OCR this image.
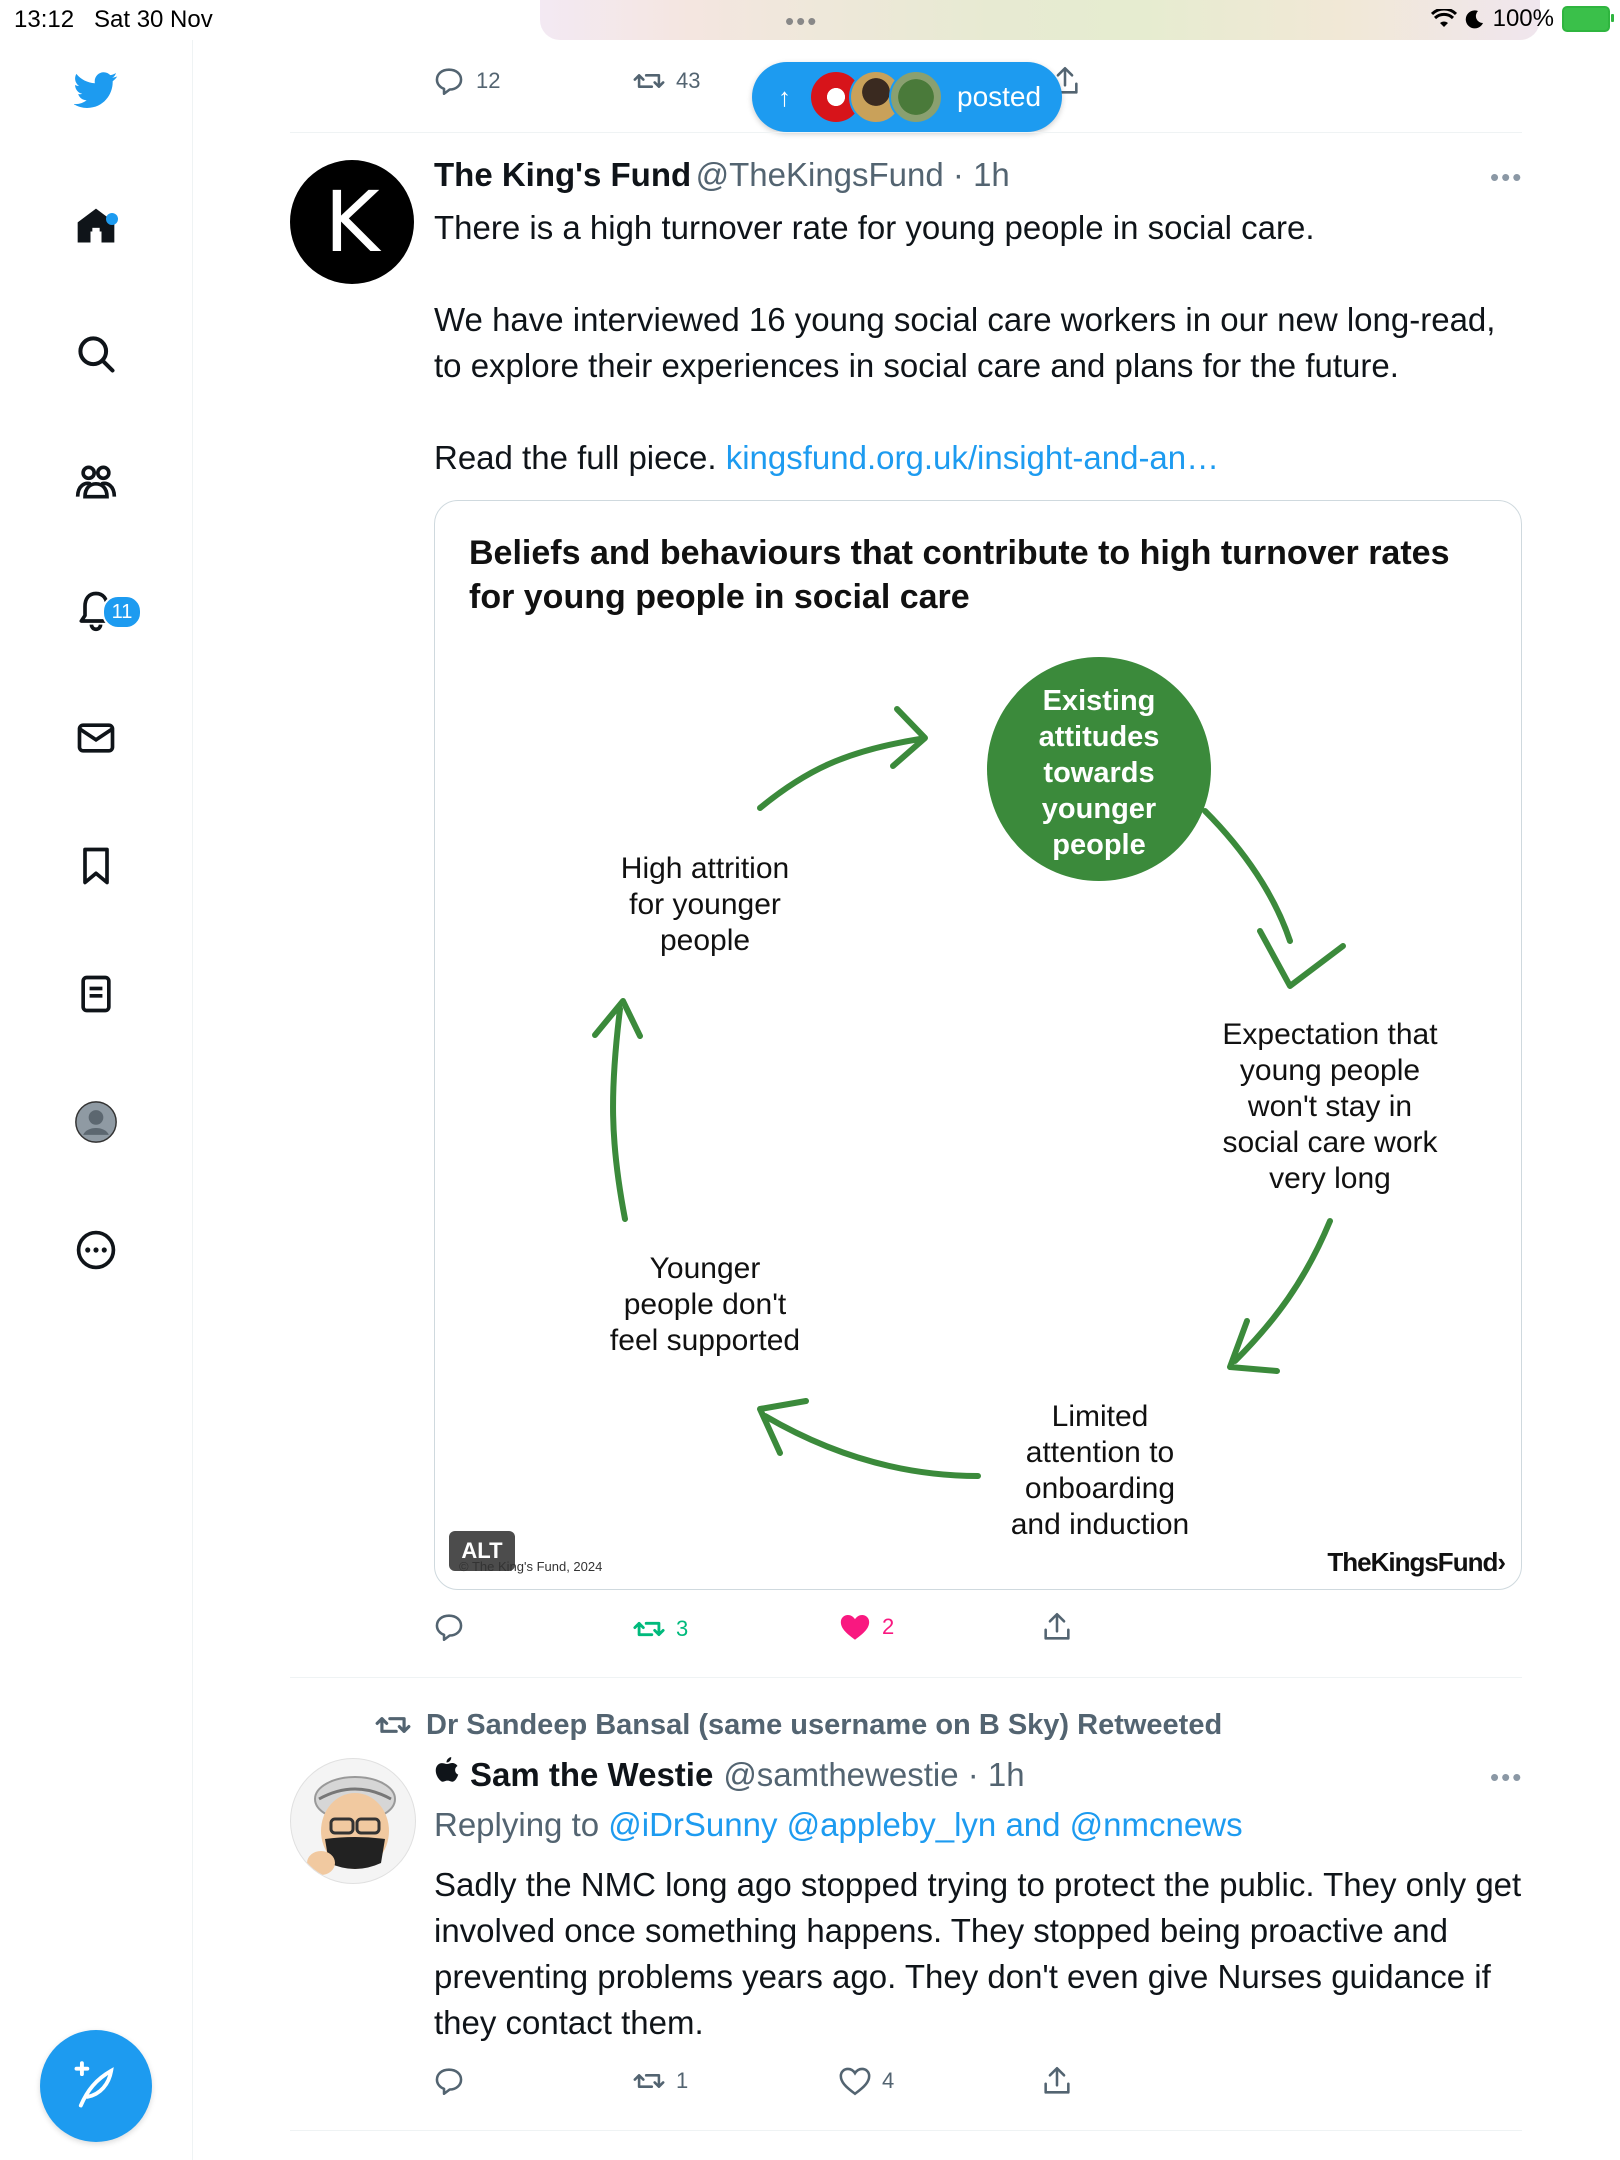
13:12 Sat 30 Nov	•••	100%
11
12	43
↑	posted
K	The King's Fund @TheKingsFund · 1h	•••
There is a high turnover rate for young people in social care.
We have interviewed 16 young social care workers in our new long-read, to explore their experiences in social care and plans for the future.
Read the full piece. kingsfund.org.uk/insight-and-an…
Beliefs and behaviours that contribute to high turnover rates for young people in social care
Existing
attitudes
towards
younger
people
Expectation that
young people
won't stay in
social care work
very long
Limited
attention to
onboarding
and induction
Younger
people don't
feel supported
High attrition
for younger
people
ALT
© The King's Fund, 2024	TheKingsFund›
3	2
Dr Sandeep Bansal (same username on B Sky) Retweeted
Sam the Westie @samthewestie · 1h	•••
Replying to @iDrSunny @appleby_lyn and @nmcnews
Sadly the NMC long ago stopped trying to protect the public. They only get involved once something happens. They stopped being proactive and preventing problems years ago. They don't even give Nurses guidance if they contact them.
1	4
